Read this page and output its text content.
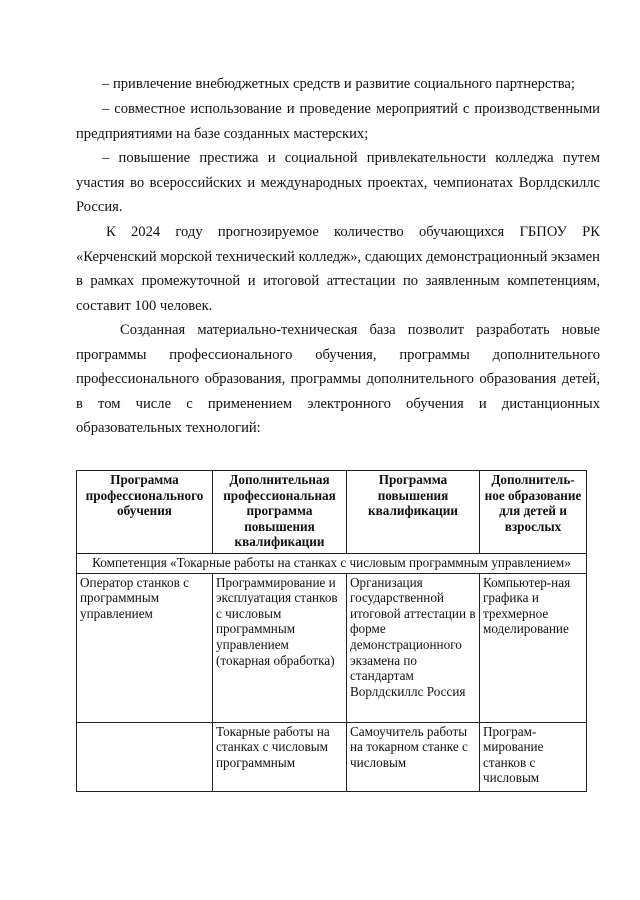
– привлечение внебюджетных средств и развитие социального партнерства;

– совместное использование и проведение мероприятий с производственными предприятиями на базе созданных мастерских;

– повышение престижа и социальной привлекательности колледжа путем участия во всероссийских и международных проектах, чемпионатах Ворлдскиллс Россия.

К 2024 году прогнозируемое количество обучающихся ГБПОУ РК «Керченский морской технический колледж», сдающих демонстрационный экзамен в рамках промежуточной и итоговой аттестации по заявленным компетенциям, составит 100 человек.

Созданная материально-техническая база позволит разработать новые программы профессионального обучения, программы дополнительного профессионального образования, программы дополнительного образования детей, в том числе с применением электронного обучения и дистанционных образовательных технологий:

Программа профессионального обучения	Дополнительная профессиональная программа повышения квалификации	Программа повышения квалификации	Дополнитель-ное образование для детей и взрослых
Компетенция «Токарные работы на станках с числовым программным управлением»			
Оператор станков с программным управлением	Программирование и эксплуатация станков с числовым программным управлением (токарная обработка)	Организация государственной итоговой аттестации в форме демонстрационного экзамена по стандартам Ворлдскиллс Россия	Компьютер-ная графика и трехмерное моделирование

	Токарные работы на станках с числовым программным	Самоучитель работы на токарном станке с числовым	Програм-мирование станков с числовым
